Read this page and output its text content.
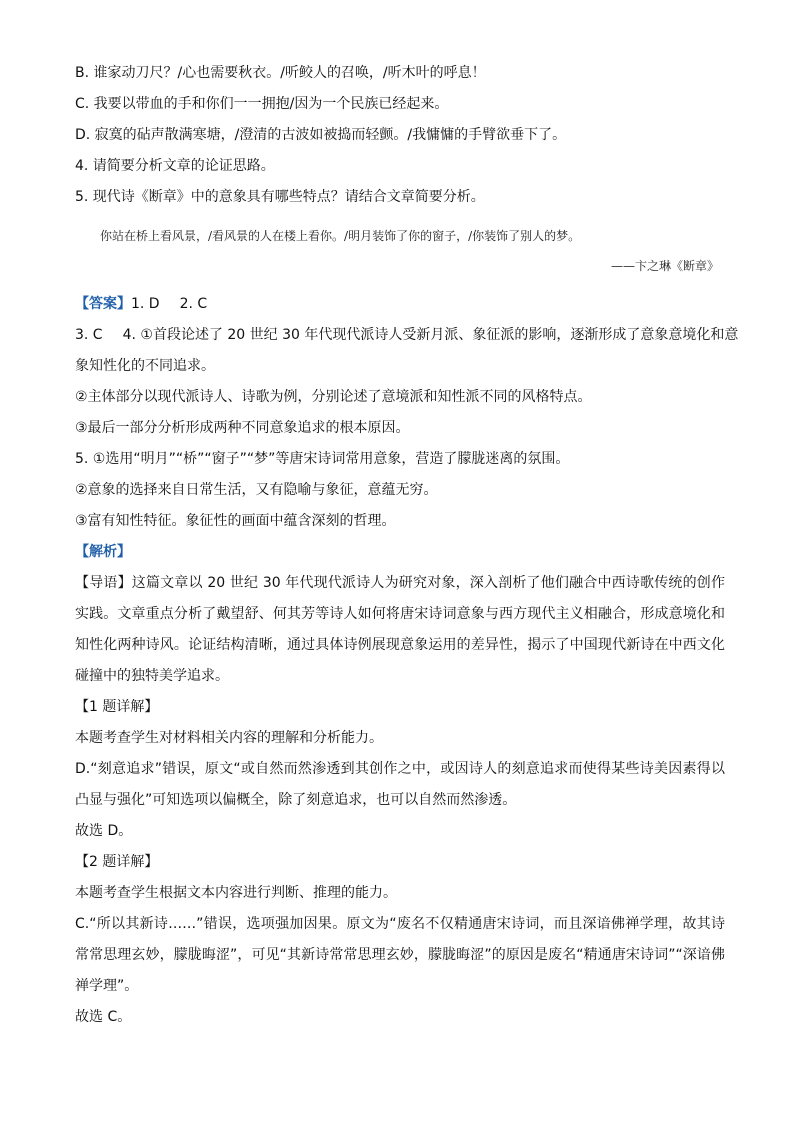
B. 谁家动刀尺？/心也需要秋衣。/听鲛人的召唤，/听木叶的呼息！

C. 我要以带血的手和你们一一拥抱/因为一个民族已经起来。

D. 寂寞的砧声散满寒塘，/澄清的古波如被捣而轻颤。/我慵慵的手臂欲垂下了。

4. 请简要分析文章的论证思路。

5. 现代诗《断章》中的意象具有哪些特点？请结合文章简要分析。

你站在桥上看风景，/看风景的人在楼上看你。/明月装饰了你的窗子，/你装饰了别人的梦。

——卞之琳《断章》

【答案】1. D 2. C

3. C 4. ①首段论述了 20 世纪 30 年代现代派诗人受新月派、象征派的影响，逐渐形成了意象意境化和意

象知性化的不同追求。

②主体部分以现代派诗人、诗歌为例，分别论述了意境派和知性派不同的风格特点。

③最后一部分分析形成两种不同意象追求的根本原因。

5. ①选用“明月”“桥”“窗子”“梦”等唐宋诗词常用意象，营造了朦胧迷离的氛围。

②意象的选择来自日常生活，又有隐喻与象征，意蕴无穷。

③富有知性特征。象征性的画面中蕴含深刻的哲理。

【解析】

【导语】这篇文章以 20 世纪 30 年代现代派诗人为研究对象，深入剖析了他们融合中西诗歌传统的创作实践。文章重点分析了戴望舒、何其芳等诗人如何将唐宋诗词意象与西方现代主义相融合，形成意境化和知性化两种诗风。论证结构清晰，通过具体诗例展现意象运用的差异性，揭示了中国现代新诗在中西文化碰撞中的独特美学追求。

【1 题详解】

本题考查学生对材料相关内容的理解和分析能力。

D.“刻意追求”错误，原文“或自然而然渗透到其创作之中，或因诗人的刻意追求而使得某些诗美因素得以凸显与强化”可知选项以偏概全，除了刻意追求，也可以自然而然渗透。

故选 D。

【2 题详解】

本题考查学生根据文本内容进行判断、推理的能力。

C.“所以其新诗……”错误，选项强加因果。原文为“废名不仅精通唐宋诗词，而且深谙佛禅学理，故其诗常常思理玄妙，朦胧晦涩”，可见“其新诗常常思理玄妙，朦胧晦涩”的原因是废名“精通唐宋诗词”“深谙佛禅学理”。

故选 C。
